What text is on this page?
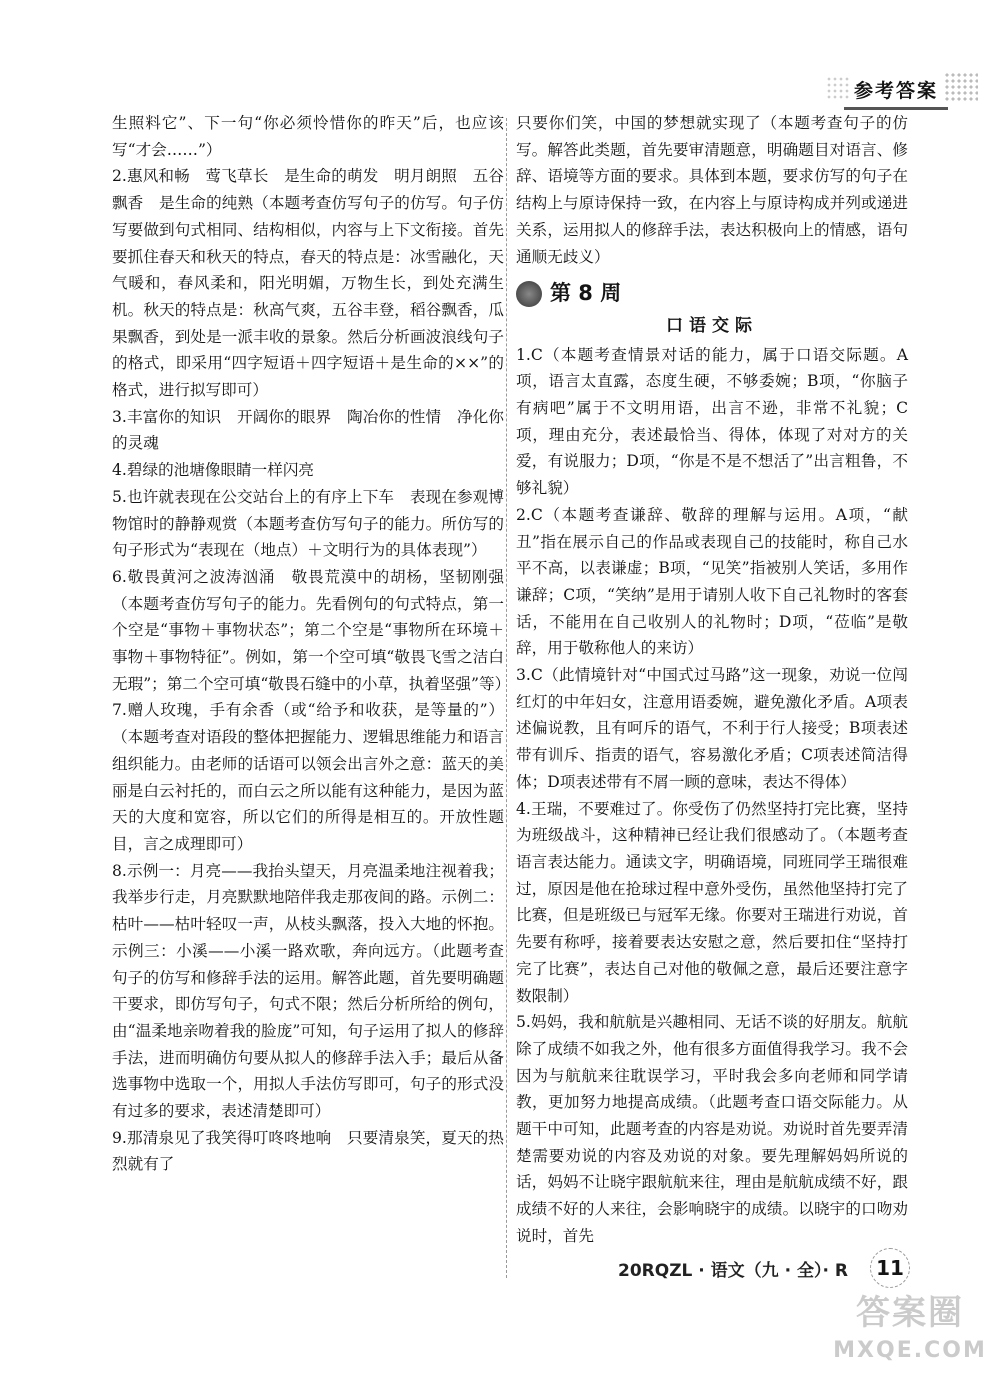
参考答案

生照料它”、下一句“你必须怜惜你的昨天”后，也应该写“才会……”）

2.惠风和畅　莺飞草长　是生命的萌发　明月朗照　五谷飘香　是生命的纯熟（本题考查仿写句子的仿写。句子仿写要做到句式相同、结构相似，内容与上下文衔接。首先要抓住春天和秋天的特点，春天的特点是：冰雪融化，天气暖和，春风柔和，阳光明媚，万物生长，到处充满生机。秋天的特点是：秋高气爽，五谷丰登，稻谷飘香，瓜果飘香，到处是一派丰收的景象。然后分析画波浪线句子的格式，即采用“四字短语＋四字短语＋是生命的××”的格式，进行拟写即可）

3.丰富你的知识　开阔你的眼界　陶冶你的性情　净化你的灵魂

4.碧绿的池塘像眼睛一样闪亮

5.也许就表现在公交站台上的有序上下车　表现在参观博物馆时的静静观赏（本题考查仿写句子的能力。所仿写的句子形式为“表现在（地点）＋文明行为的具体表现”）

6.敬畏黄河之波涛汹涌　敬畏荒漠中的胡杨，坚韧刚强（本题考查仿写句子的能力。先看例句的句式特点，第一个空是“事物＋事物状态”；第二个空是“事物所在环境＋事物＋事物特征”。例如，第一个空可填“敬畏飞雪之洁白无瑕”；第二个空可填“敬畏石缝中的小草，执着坚强”等）

7.赠人玫瑰，手有余香（或“给予和收获，是等量的”）（本题考查对语段的整体把握能力、逻辑思维能力和语言组织能力。由老师的话语可以领会出言外之意：蓝天的美丽是白云衬托的，而白云之所以能有这种能力，是因为蓝天的大度和宽容，所以它们的所得是相互的。开放性题目，言之成理即可）

8.示例一：月亮——我抬头望天，月亮温柔地注视着我；我举步行走，月亮默默地陪伴我走那夜间的路。示例二：枯叶——枯叶轻叹一声，从枝头飘落，投入大地的怀抱。示例三：小溪——小溪一路欢歌，奔向远方。（此题考查句子的仿写和修辞手法的运用。解答此题，首先要明确题干要求，即仿写句子，句式不限；然后分析所给的例句，由“温柔地亲吻着我的脸庞”可知，句子运用了拟人的修辞手法，进而明确仿句要从拟人的修辞手法入手；最后从备选事物中选取一个，用拟人手法仿写即可，句子的形式没有过多的要求，表述清楚即可）

9.那清泉见了我笑得叮咚咚地响　只要清泉笑，夏天的热烈就有了

只要你们笑，中国的梦想就实现了（本题考查句子的仿写。解答此类题，首先要审清题意，明确题目对语言、修辞、语境等方面的要求。具体到本题，要求仿写的句子在结构上与原诗保持一致，在内容上与原诗构成并列或递进关系，运用拟人的修辞手法，表达积极向上的情感，语句通顺无歧义）

第 8 周
口语交际

1.C（本题考查情景对话的能力，属于口语交际题。A项，语言太直露，态度生硬，不够委婉；B项，“你脑子有病吧”属于不文明用语，出言不逊，非常不礼貌；C项，理由充分，表述最恰当、得体，体现了对对方的关爱，有说服力；D项，“你是不是不想活了”出言粗鲁，不够礼貌）

2.C（本题考查谦辞、敬辞的理解与运用。A项，“献丑”指在展示自己的作品或表现自己的技能时，称自己水平不高，以表谦虚；B项，“见笑”指被别人笑话，多用作谦辞；C项，“笑纳”是用于请别人收下自己礼物时的客套话，不能用在自己收别人的礼物时；D项，“莅临”是敬辞，用于敬称他人的来访）

3.C（此情境针对“中国式过马路”这一现象，劝说一位闯红灯的中年妇女，注意用语委婉，避免激化矛盾。A项表述偏说教，且有呵斥的语气，不利于行人接受；B项表述带有训斥、指责的语气，容易激化矛盾；C项表述简洁得体；D项表述带有不屑一顾的意味，表达不得体）

4.王瑞，不要难过了。你受伤了仍然坚持打完比赛，坚持为班级战斗，这种精神已经让我们很感动了。（本题考查语言表达能力。通读文字，明确语境，同班同学王瑞很难过，原因是他在抢球过程中意外受伤，虽然他坚持打完了比赛，但是班级已与冠军无缘。你要对王瑞进行劝说，首先要有称呼，接着要表达安慰之意，然后要扣住“坚持打完了比赛”，表达自己对他的敬佩之意，最后还要注意字数限制）

5.妈妈，我和航航是兴趣相同、无话不谈的好朋友。航航除了成绩不如我之外，他有很多方面值得我学习。我不会因为与航航来往耽误学习，平时我会多向老师和同学请教，更加努力地提高成绩。（此题考查口语交际能力。从题干中可知，此题考查的内容是劝说。劝说时首先要弄清楚需要劝说的内容及劝说的对象。要先理解妈妈所说的话，妈妈不让晓宇跟航航来往，理由是航航成绩不好，跟成绩不好的人来往，会影响晓宇的成绩。以晓宇的口吻劝说时，首先

20RQZL · 语文（九 · 全）· R	11
答案圈
MXQE.COM
